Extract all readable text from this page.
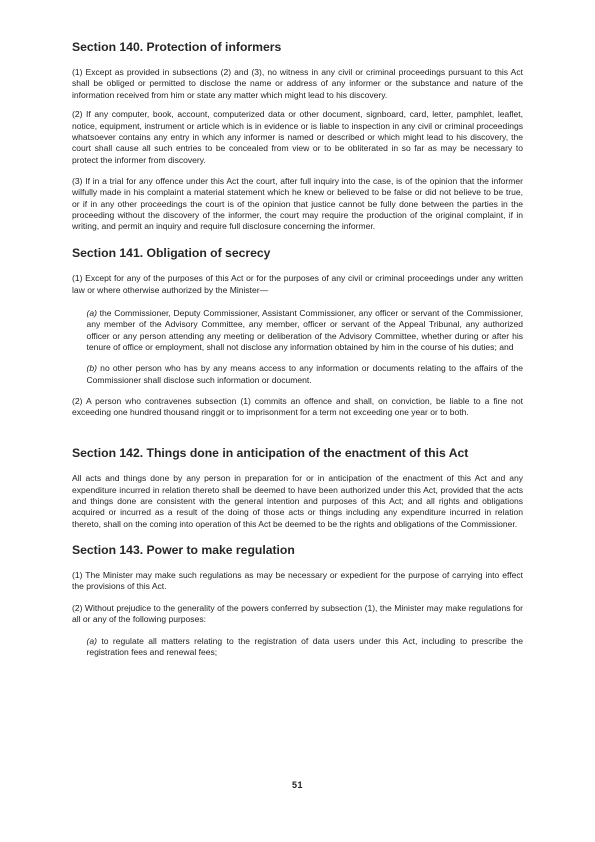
Section 140. Protection of informers

(1) Except as provided in subsections (2) and (3), no witness in any civil or criminal proceedings pursuant to this Act shall be obliged or permitted to disclose the name or address of any informer or the substance and nature of the information received from him or state any matter which might lead to his discovery.

(2) If any computer, book, account, computerized data or other document, signboard, card, letter, pamphlet, leaflet, notice, equipment, instrument or article which is in evidence or is liable to inspection in any civil or criminal proceedings whatsoever contains any entry in which any informer is named or described or which might lead to his discovery, the court shall cause all such entries to be concealed from view or to be obliterated in so far as may be necessary to protect the informer from discovery.

(3) If in a trial for any offence under this Act the court, after full inquiry into the case, is of the opinion that the informer wilfully made in his complaint a material statement which he knew or believed to be false or did not believe to be true, or if in any other proceedings the court is of the opinion that justice cannot be fully done between the parties in the proceeding without the discovery of the informer, the court may require the production of the original complaint, if in writing, and permit an inquiry and require full disclosure concerning the informer.

Section 141. Obligation of secrecy

(1) Except for any of the purposes of this Act or for the purposes of any civil or criminal proceedings under any written law or where otherwise authorized by the Minister—

(a) the Commissioner, Deputy Commissioner, Assistant Commissioner, any officer or servant of the Commissioner, any member of the Advisory Committee, any member, officer or servant of the Appeal Tribunal, any authorized officer or any person attending any meeting or deliberation of the Advisory Committee, whether during or after his tenure of office or employment, shall not disclose any information obtained by him in the course of his duties; and

(b) no other person who has by any means access to any information or documents relating to the affairs of the Commissioner shall disclose such information or document.

(2) A person who contravenes subsection (1) commits an offence and shall, on conviction, be liable to a fine not exceeding one hundred thousand ringgit or to imprisonment for a term not exceeding one year or to both.

Section 142. Things done in anticipation of the enactment of this Act

All acts and things done by any person in preparation for or in anticipation of the enactment of this Act and any expenditure incurred in relation thereto shall be deemed to have been authorized under this Act, provided that the acts and things done are consistent with the general intention and purposes of this Act; and all rights and obligations acquired or incurred as a result of the doing of those acts or things including any expenditure incurred in relation thereto, shall on the coming into operation of this Act be deemed to be the rights and obligations of the Commissioner.

Section 143. Power to make regulation

(1) The Minister may make such regulations as may be necessary or expedient for the purpose of carrying into effect the provisions of this Act.

(2) Without prejudice to the generality of the powers conferred by subsection (1), the Minister may make regulations for all or any of the following purposes:

(a) to regulate all matters relating to the registration of data users under this Act, including to prescribe the registration fees and renewal fees;

51
